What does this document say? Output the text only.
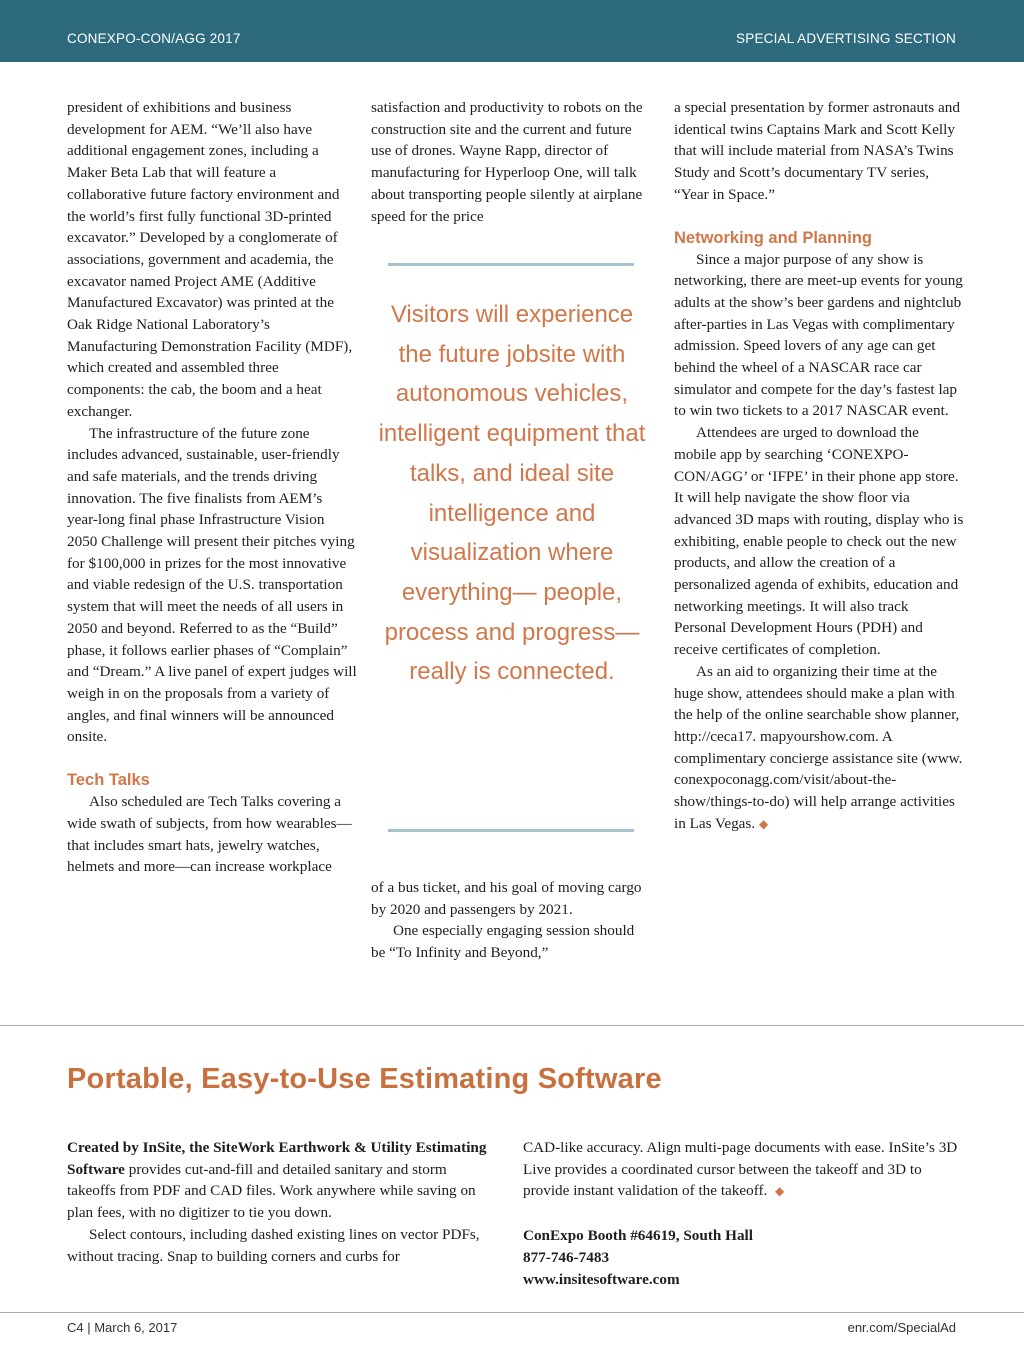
CONEXPO-CON/AGG 2017	SPECIAL ADVERTISING SECTION

president of exhibitions and business development for AEM. “We’ll also have additional engagement zones, including a Maker Beta Lab that will feature a collaborative future factory environment and the world’s first fully functional 3D-printed excavator.” Developed by a conglomerate of associations, government and academia, the excavator named Project AME (Additive Manufactured Excavator) was printed at the Oak Ridge National Laboratory’s Manufacturing Demonstration Facility (MDF), which created and assembled three components: the cab, the boom and a heat exchanger.

The infrastructure of the future zone includes advanced, sustainable, user-friendly and safe materials, and the trends driving innovation. The five finalists from AEM’s year-long final phase Infrastructure Vision 2050 Challenge will present their pitches vying for $100,000 in prizes for the most innovative and viable redesign of the U.S. transportation system that will meet the needs of all users in 2050 and beyond. Referred to as the “Build” phase, it follows earlier phases of “Complain” and “Dream.” A live panel of expert judges will weigh in on the proposals from a variety of angles, and final winners will be announced onsite.

Tech Talks

Also scheduled are Tech Talks covering a wide swath of subjects, from how wearables—that includes smart hats, jewelry watches, helmets and more—can increase workplace

satisfaction and productivity to robots on the construction site and the current and future use of drones. Wayne Rapp, director of manufacturing for Hyperloop One, will talk about transporting people silently at airplane speed for the price

Visitors will experience the future jobsite with autonomous vehicles, intelligent equipment that talks, and ideal site intelligence and visualization where everything— people, process and progress— really is connected.

of a bus ticket, and his goal of moving cargo by 2020 and passengers by 2021.

One especially engaging session should be “To Infinity and Beyond,”

a special presentation by former astronauts and identical twins Captains Mark and Scott Kelly that will include material from NASA’s Twins Study and Scott’s documentary TV series, “Year in Space.”

Networking and Planning

Since a major purpose of any show is networking, there are meet-up events for young adults at the show’s beer gardens and nightclub after-parties in Las Vegas with complimentary admission. Speed lovers of any age can get behind the wheel of a NASCAR race car simulator and compete for the day’s fastest lap to win two tickets to a 2017 NASCAR event.

Attendees are urged to download the mobile app by searching ‘CONEXPO-CON/AGG’ or ‘IFPE’ in their phone app store. It will help navigate the show floor via advanced 3D maps with routing, display who is exhibiting, enable people to check out the new products, and allow the creation of a personalized agenda of exhibits, education and networking meetings. It will also track Personal Development Hours (PDH) and receive certificates of completion.

As an aid to organizing their time at the huge show, attendees should make a plan with the help of the online searchable show planner, http://ceca17. mapyourshow.com. A complimentary concierge assistance site (www. conexpoconagg.com/visit/about-the-show/things-to-do) will help arrange activities in Las Vegas. ◆

Portable, Easy-to-Use Estimating Software

Created by InSite, the SiteWork Earthwork & Utility Estimating Software provides cut-and-fill and detailed sanitary and storm takeoffs from PDF and CAD files. Work anywhere while saving on plan fees, with no digitizer to tie you down.

Select contours, including dashed existing lines on vector PDFs, without tracing. Snap to building corners and curbs for

CAD-like accuracy. Align multi-page documents with ease. InSite’s 3D Live provides a coordinated cursor between the takeoff and 3D to provide instant validation of the takeoff. ◆

ConExpo Booth #64619, South Hall
877-746-7483
www.insitesoftware.com
C4 | March 6, 2017	enr.com/SpecialAd
